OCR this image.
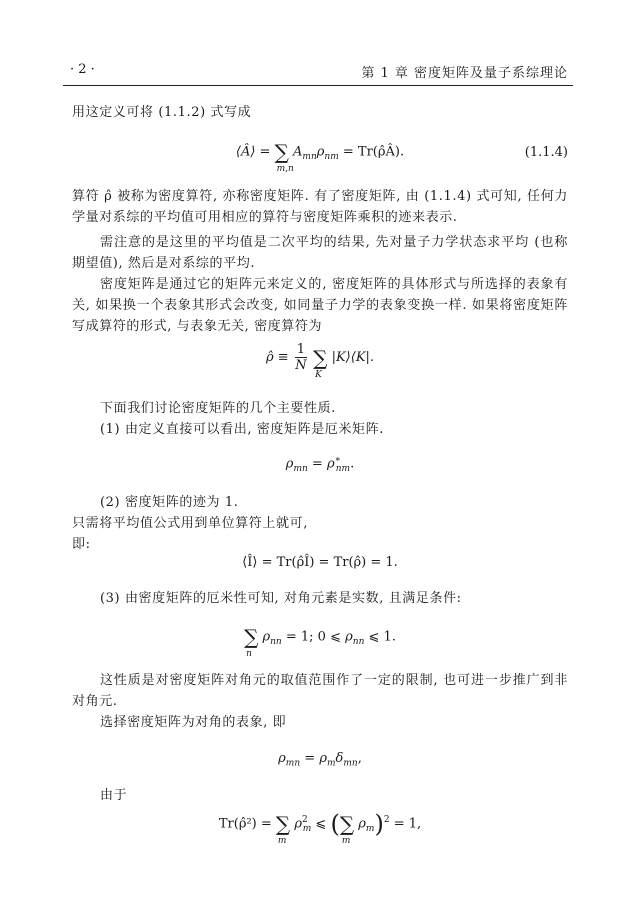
· 2 ·	第 1 章 密度矩阵及量子系综理论
用这定义可将 (1.1.2) 式写成
⟨Â⟩ = ∑
m,n
$A_{mn}\rho_{nm}$ = Tr(ρ̂Â).	(1.1.4)
算符 ρ̂ 被称为密度算符, 亦称密度矩阵. 有了密度矩阵, 由 (1.1.4) 式可知, 任何力学量对系综的平均值可用相应的算符与密度矩阵乘积的迹来表示.
需注意的是这里的平均值是二次平均的结果, 先对量子力学状态求平均 (也称期望值), 然后是对系综的平均.
密度矩阵是通过它的矩阵元来定义的, 密度矩阵的具体形式与所选择的表象有关, 如果换一个表象其形式会改变, 如同量子力学的表象变换一样. 如果将密度矩阵写成算符的形式, 与表象无关, 密度算符为
ρ̂ ≡ $\frac{1}{N}$ ∑
K
|K⟩⟨K|.
下面我们讨论密度矩阵的几个主要性质.
(1) 由定义直接可以看出, 密度矩阵是厄米矩阵.
$\rho_{mn} = \rho^∗_{nm}$.
(2) 密度矩阵的迹为 1.
只需将平均值公式用到单位算符上就可,
即:
⟨Î⟩ = Tr(ρ̂Î) = Tr(ρ̂) = 1.
(3) 由密度矩阵的厄米性可知, 对角元素是实数, 且满足条件:
∑
n
$\rho_{nn} = 1$; 0 ⩽ $\rho_{nn}$ ⩽ 1.
这性质是对密度矩阵对角元的取值范围作了一定的限制, 也可进一步推广到非对角元.
选择密度矩阵为对角的表象, 即
$\rho_{mn} = \rho_m\delta_{mn}$,
由于
Tr(ρ̂²) = ∑
m
$\rho^2_m$ ⩽ (∑
m
$\rho_m)^2 = 1$,
